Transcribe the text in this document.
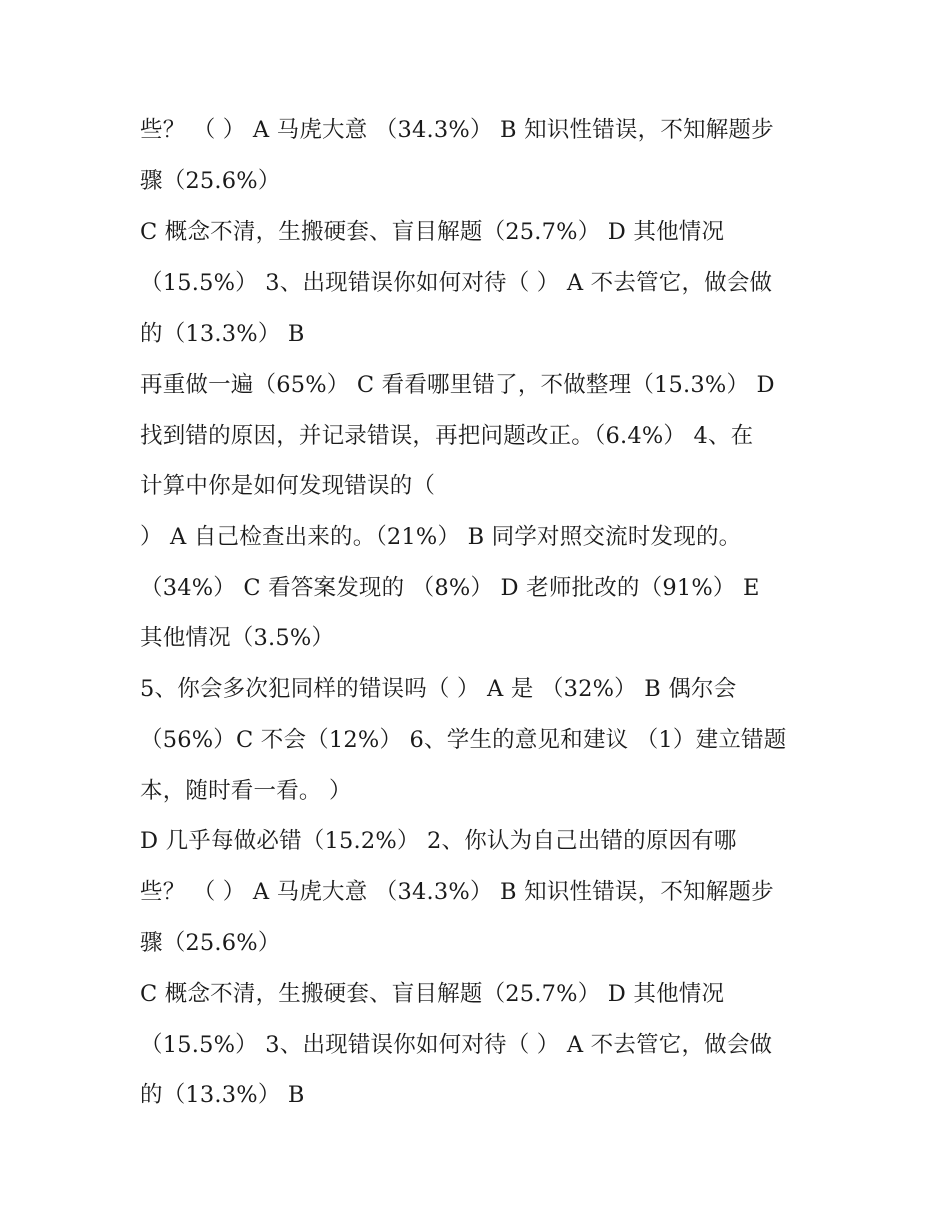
些？ （ ） A 马虎大意 （34.3%） B 知识性错误，不知解题步
骤（25.6%）
C 概念不清，生搬硬套、盲目解题（25.7%） D 其他情况
（15.5%） 3、出现错误你如何对待（ ） A 不去管它，做会做
的（13.3%） B
再重做一遍（65%） C 看看哪里错了，不做整理（15.3%） D
找到错的原因，并记录错误，再把问题改正。（6.4%） 4、在
计算中你是如何发现错误的（
） A 自己检查出来的。（21%） B 同学对照交流时发现的。
（34%） C 看答案发现的 （8%） D 老师批改的（91%） E
其他情况（3.5%）
5、你会多次犯同样的错误吗（ ） A 是 （32%） B 偶尔会
（56%）C 不会（12%） 6、学生的意见和建议 （1）建立错题
本，随时看一看。 ）
D 几乎每做必错（15.2%） 2、你认为自己出错的原因有哪
些？ （ ） A 马虎大意 （34.3%） B 知识性错误，不知解题步
骤（25.6%）
C 概念不清，生搬硬套、盲目解题（25.7%） D 其他情况
（15.5%） 3、出现错误你如何对待（ ） A 不去管它，做会做
的（13.3%） B
